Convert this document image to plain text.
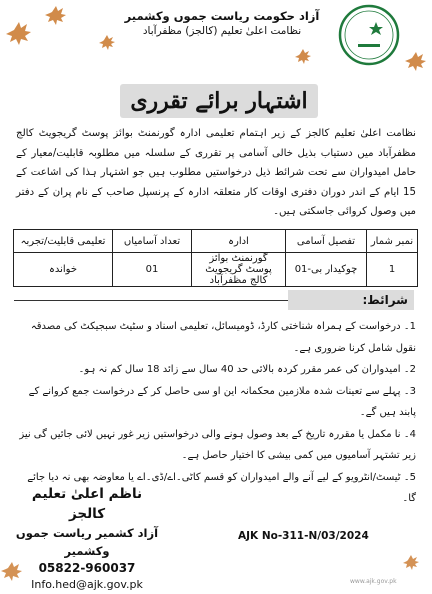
آزاد حکومت ریاست جموں وکشمیر
نظامت اعلیٰ تعلیم (کالجز) مظفرآباد
اشتہار برائے تقرری
نظامت اعلیٰ تعلیم کالجز کے زیر اہتمام تعلیمی ادارہ گورنمنٹ بوائز پوسٹ گریجویٹ کالج مظفرآباد میں دستیاب بذیل خالی آسامی پر تقرری کے سلسلہ میں مطلوبہ قابلیت/معیار کے حامل امیدواران سے تحت شرائط ذیل درخواستیں مطلوب ہیں جو اشتہار ہذا کی اشاعت کے 15 ایام کے اندر دوران دفتری اوقات کار متعلقہ ادارہ کے پرنسپل صاحب کے نام پران کے دفتر میں وصول کروائی جاسکتی ہیں۔
نمبر شمار	تفصیل آسامی	ادارہ	تعداد آسامیاں	تعلیمی قابلیت/تجربہ
1	چوکیدار بی-01	گورنمنٹ بوائز پوسٹ گریجویٹ کالج مظفرآباد	01	خواندہ
شرائط:

1۔ درخواست کے ہمراہ شناختی کارڈ، ڈومیسائل، تعلیمی اسناد و سٹیٹ سبجیکٹ کی مصدقہ نقول شامل کرنا ضروری ہے۔

2۔ امیدواران کی عمر مقرر کردہ بالائی حد 40 سال سے زائد 18 سال کم نہ ہو۔

3۔ پہلے سے تعینات شدہ ملازمین محکمانہ این او سی حاصل کر کے درخواست جمع کروانے کے پابند ہیں گے۔

4۔ نا مکمل یا مقررہ تاریخ کے بعد وصول ہونے والی درخواستیں زیر غور نہیں لائی جائیں گی نیز زیر تشتہر آسامیوں میں کمی بیشی کا اختیار حاصل ہے۔

5۔ ٹیسٹ/انٹرویو کے لیے آنے والے امیدواران کو قسم کاٹی۔اے/ڈی۔اے یا معاوضہ بھی نہ دیا جائے گا۔

ناظم اعلیٰ تعلیم کالجز
آزاد کشمیر ریاست جموں وکشمیر
05822-960037
Info.hed@ajk.gov.pk
AJK No-311-N/03/2024
www.ajk.gov.pk
